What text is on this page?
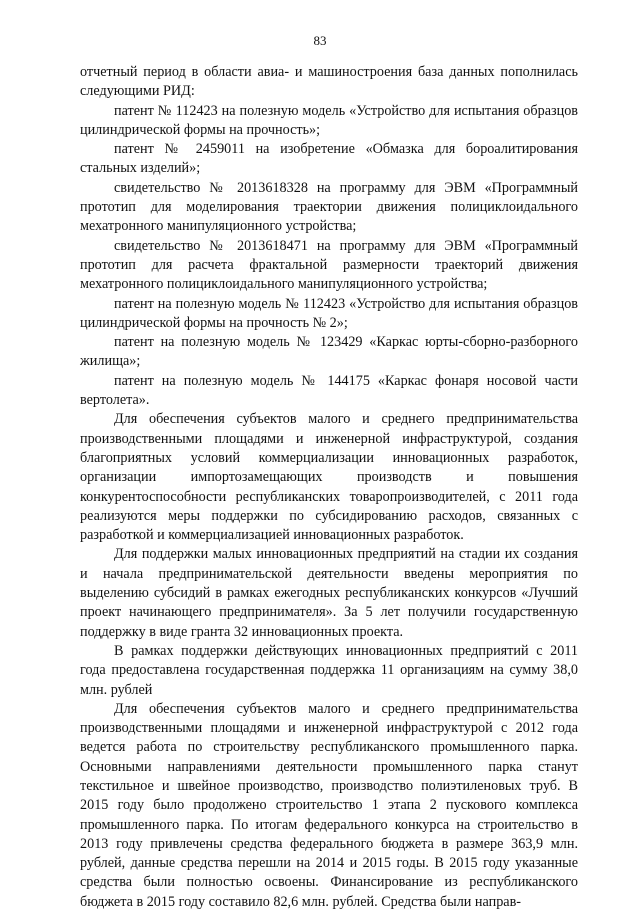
83

отчетный период в области авиа- и машиностроения база данных пополнилась следующими РИД:

патент № 112423 на полезную модель «Устройство для испытания образцов цилиндрической формы на прочность»;

патент № 2459011 на изобретение «Обмазка для бороалитирования стальных изделий»;

свидетельство № 2013618328 на программу для ЭВМ «Программный прототип для моделирования траектории движения полициклоидального мехатронного манипуляционного устройства;

свидетельство № 2013618471 на программу для ЭВМ «Программный прототип для расчета фрактальной размерности траекторий движения мехатронного полициклоидального манипуляционного устройства;

патент на полезную модель № 112423 «Устройство для испытания образцов цилиндрической формы на прочность № 2»;

патент на полезную модель № 123429 «Каркас юрты-сборно-разборного жилища»;

патент на полезную модель № 144175 «Каркас фонаря носовой части вертолета».

Для обеспечения субъектов малого и среднего предпринимательства производственными площадями и инженерной инфраструктурой, создания благоприятных условий коммерциализации инновационных разработок, организации импортозамещающих производств и повышения конкурентоспособности республиканских товаропроизводителей, с 2011 года реализуются меры поддержки по субсидированию расходов, связанных с разработкой и коммерциализацией инновационных разработок.

Для поддержки малых инновационных предприятий на стадии их создания и начала предпринимательской деятельности введены мероприятия по выделению субсидий в рамках ежегодных республиканских конкурсов «Лучший проект начинающего предпринимателя». За 5 лет получили государственную поддержку в виде гранта 32 инновационных проекта.

В рамках поддержки действующих инновационных предприятий с 2011 года предоставлена государственная поддержка 11 организациям на сумму 38,0 млн. рублей

Для обеспечения субъектов малого и среднего предпринимательства производственными площадями и инженерной инфраструктурой с 2012 года ведется работа по строительству республиканского промышленного парка. Основными направлениями деятельности промышленного парка станут текстильное и швейное производство, производство полиэтиленовых труб. В 2015 году было продолжено строительство 1 этапа 2 пускового комплекса промышленного парка. По итогам федерального конкурса на строительство в 2013 году привлечены средства федерального бюджета в размере 363,9 млн. рублей, данные средства перешли на 2014 и 2015 годы. В 2015 году указанные средства были полностью освоены. Финансирование из республиканского бюджета в 2015 году составило 82,6 млн. рублей. Средства были направ-
